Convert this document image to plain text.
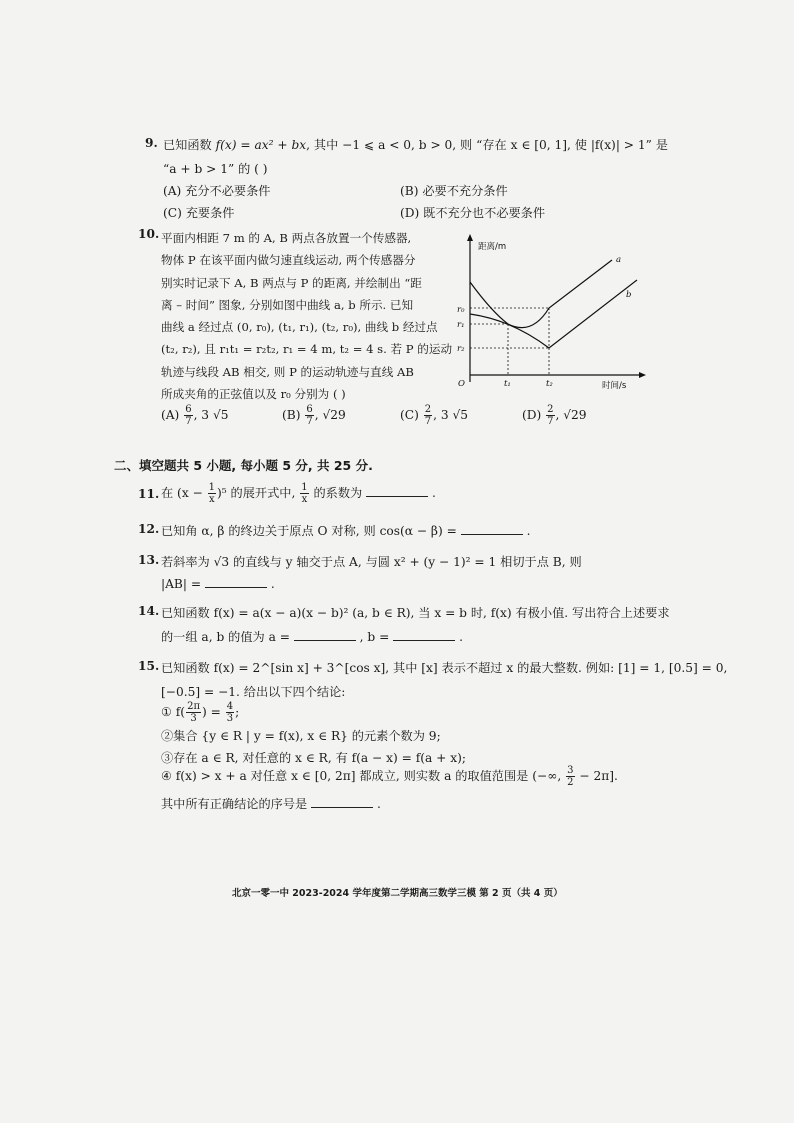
9. 已知函数 f(x) = ax² + bx, 其中 −1 ⩽ a < 0, b > 0, 则 “存在 x ∈ [0, 1], 使 |f(x)| > 1” 是
“a + b > 1” 的 ( )
(A) 充分不必要条件	(B) 必要不充分条件
(C) 充要条件	(D) 既不充分也不必要条件
10. 平面内相距 7 m 的 A, B 两点各放置一个传感器,
物体 P 在该平面内做匀速直线运动, 两个传感器分
别实时记录下 A, B 两点与 P 的距离, 并绘制出 “距
离 – 时间” 图象, 分别如图中曲线 a, b 所示. 已知
曲线 a 经过点 (0, r₀), (t₁, r₁), (t₂, r₀), 曲线 b 经过点
(t₂, r₂), 且 r₁t₁ = r₂t₂, r₁ = 4 m, t₂ = 4 s. 若 P 的运动
轨迹与线段 AB 相交, 则 P 的运动轨迹与直线 AB
所成夹角的正弦值以及 r₀ 分别为 ( )
距离/m
时间/s
O
r₀
r₁
r₂
t₁	t₂
a
b
$(A) \frac{6}{7}$ , 3 √5	$(B) \frac{6}{7}$ , √29	$(C) \frac{2}{7}$ , 3 √5	$(D) \frac{2}{7}$ , √29
二、填空题共 5 小题, 每小题 5 分, 共 25 分.
11. 在 $(x - \frac{1}{x} )^5$ 的展开式中, $\frac{1}{x}$ 的系数为	.
12. 已知角 α, β 的终边关于原点 O 对称, 则 cos(α − β) =	.
13. 若斜率为 √3 的直线与 y 轴交于点 A, 与圆 x² + (y − 1)² = 1 相切于点 B, 则
|AB| =	.
14. 已知函数 f(x) = a(x − a)(x − b)² (a, b ∈ R), 当 x = b 时, f(x) 有极小值. 写出符合上述要求
的一组 a, b 的值为 a =	, b =	.
15. 已知函数 f(x) = 2^[sin x] + 3^[cos x], 其中 [x] 表示不超过 x 的最大整数. 例如: [1] = 1, [0.5] = 0,
[−0.5] = −1. 给出以下四个结论:
① $f( \frac{2\pi}{3}$ ) = $\frac{4}{3}$ ;
②集合 {y ∈ R | y = f(x), x ∈ R} 的元素个数为 9;
③存在 a ∈ R, 对任意的 x ∈ R, 有 f(a − x) = f(a + x);
④ f(x) > x + a 对任意 x ∈ [0, 2π] 都成立, 则实数 a 的取值范围是 (−∞, $\frac{3}{2} - 2\pi$].
其中所有正确结论的序号是	.
北京一零一中 2023-2024 学年度第二学期高三数学三模 第 2 页（共 4 页）
